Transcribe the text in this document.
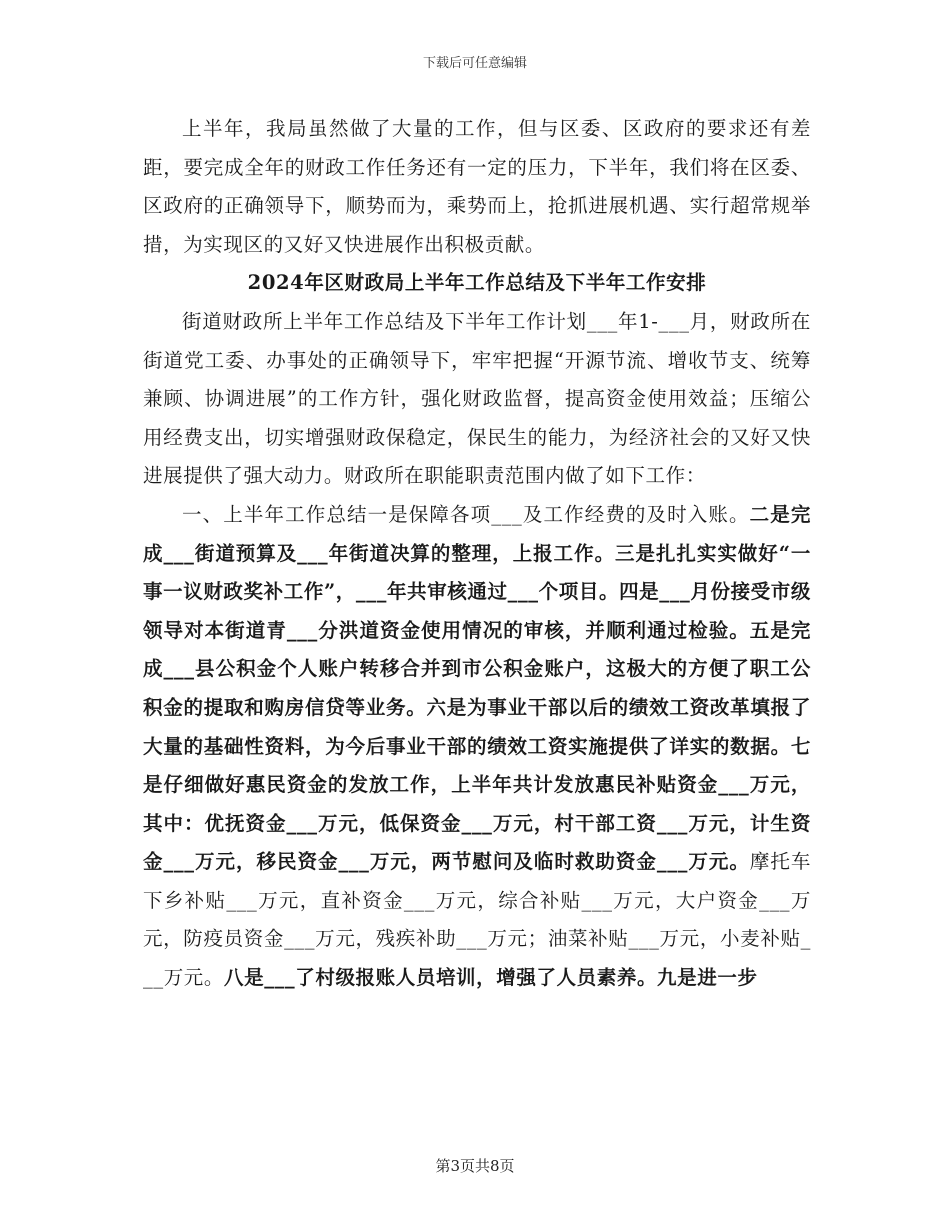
下载后可任意编辑

上半年，我局虽然做了大量的工作，但与区委、区政府的要求还有差距，要完成全年的财政工作任务还有一定的压力，下半年，我们将在区委、区政府的正确领导下，顺势而为，乘势而上，抢抓进展机遇、实行超常规举措，为实现区的又好又快进展作出积极贡献。

2024年区财政局上半年工作总结及下半年工作安排

街道财政所上半年工作总结及下半年工作计划___年1-___月，财政所在街道党工委、办事处的正确领导下，牢牢把握“开源节流、增收节支、统筹兼顾、协调进展”的工作方针，强化财政监督，提高资金使用效益；压缩公用经费支出，切实增强财政保稳定，保民生的能力，为经济社会的又好又快进展提供了强大动力。财政所在职能职责范围内做了如下工作：

一、上半年工作总结一是保障各项___及工作经费的及时入账。二是完成___街道预算及___年街道决算的整理，上报工作。三是扎扎实实做好“一事一议财政奖补工作”，___年共审核通过___个项目。四是___月份接受市级领导对本街道青___分洪道资金使用情况的审核，并顺利通过检验。五是完成___县公积金个人账户转移合并到市公积金账户，这极大的方便了职工公积金的提取和购房信贷等业务。六是为事业干部以后的绩效工资改革填报了大量的基础性资料，为今后事业干部的绩效工资实施提供了详实的数据。七是仔细做好惠民资金的发放工作，上半年共计发放惠民补贴资金___万元，其中：优抚资金___万元，低保资金___万元，村干部工资___万元，计生资金___万元，移民资金___万元，两节慰问及临时救助资金___万元。摩托车下乡补贴___万元，直补资金___万元，综合补贴___万元，大户资金___万元，防疫员资金___万元，残疾补助___万元；油菜补贴___万元，小麦补贴___万元。八是___了村级报账人员培训，增强了人员素养。九是进一步

第3页共8页
